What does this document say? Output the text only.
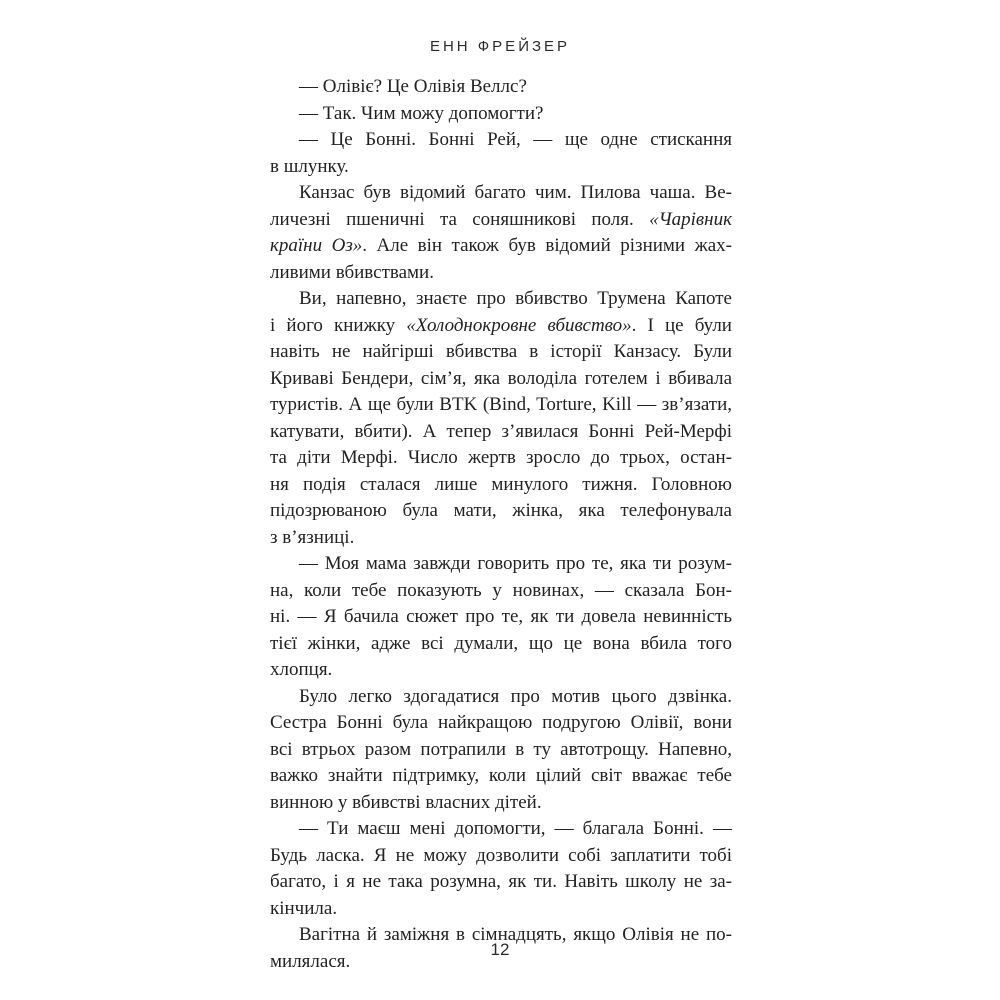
ЕНН ФРЕЙЗЕР
— Олівіє? Це Олівія Веллс?
— Так. Чим можу допомогти?
— Це Бонні. Бонні Рей, — ще одне стискання
в шлунку.
Канзас був відомий багато чим. Пилова чаша. Ве-
личезні пшеничні та соняшникові поля. «Чарівник
країни Оз». Але він також був відомий різними жах-
ливими вбивствами.
Ви, напевно, знаєте про вбивство Трумена Капоте
і його книжку «Холоднокровне вбивство». І це були
навіть не найгірші вбивства в історії Канзасу. Були
Криваві Бендери, сім’я, яка володіла готелем і вбивала
туристів. А ще були BTK (Bind, Torture, Kill — зв’язати,
катувати, вбити). А тепер з’явилася Бонні Рей-Мерфі
та діти Мерфі. Число жертв зросло до трьох, остан-
ня подія сталася лише минулого тижня. Головною
підозрюваною була мати, жінка, яка телефонувала
з в’язниці.
— Моя мама завжди говорить про те, яка ти розум-
на, коли тебе показують у новинах, — сказала Бон-
ні. — Я бачила сюжет про те, як ти довела невинність
тієї жінки, адже всі думали, що це вона вбила того
хлопця.
Було легко здогадатися про мотив цього дзвінка.
Сестра Бонні була найкращою подругою Олівії, вони
всі втрьох разом потрапили в ту автотрощу. Напевно,
важко знайти підтримку, коли цілий світ вважає тебе
винною у вбивстві власних дітей.
— Ти маєш мені допомогти, — благала Бонні. —
Будь ласка. Я не можу дозволити собі заплатити тобі
багато, і я не така розумна, як ти. Навіть школу не за-
кінчила.
Вагітна й заміжня в сімнадцять, якщо Олівія не по-
милялася.
12
